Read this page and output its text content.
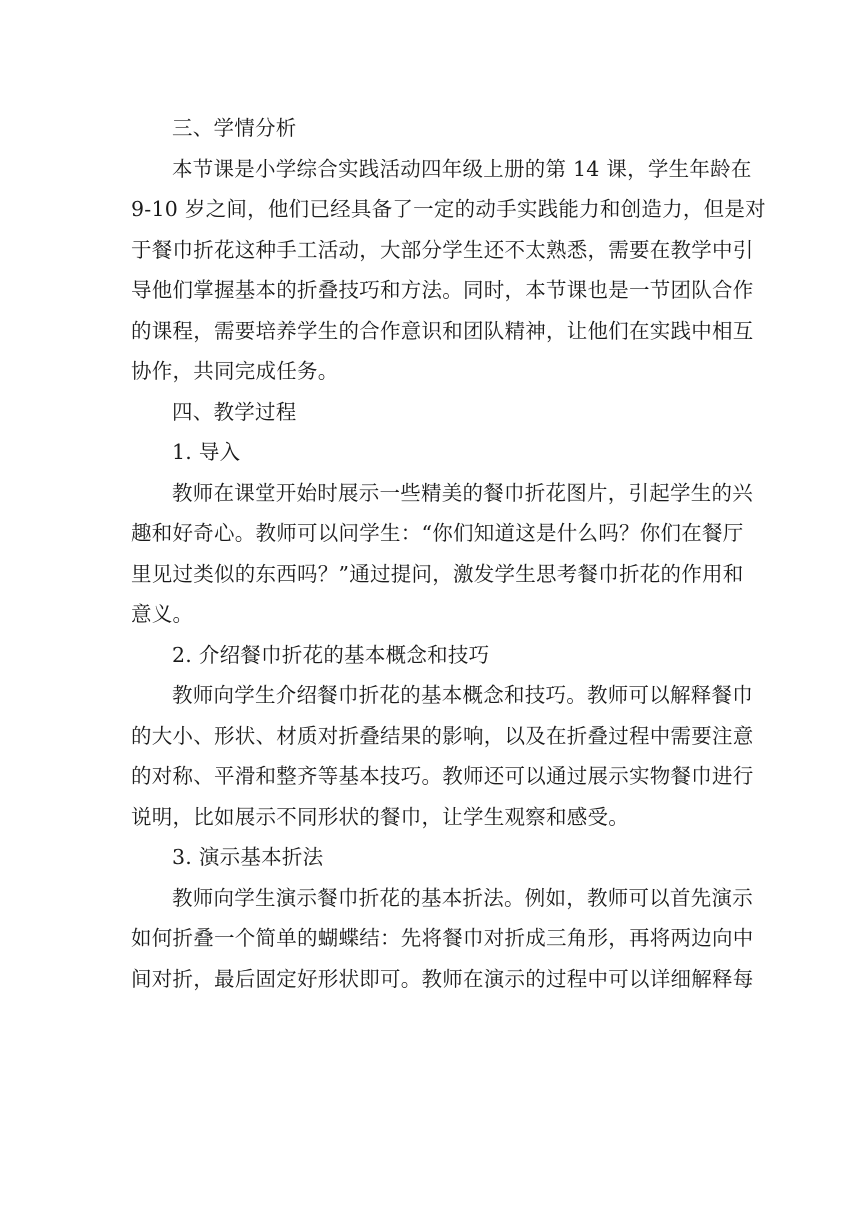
三、学情分析

本节课是小学综合实践活动四年级上册的第 14 课，学生年龄在

9-10 岁之间，他们已经具备了一定的动手实践能力和创造力，但是对

于餐巾折花这种手工活动，大部分学生还不太熟悉，需要在教学中引

导他们掌握基本的折叠技巧和方法。同时，本节课也是一节团队合作

的课程，需要培养学生的合作意识和团队精神，让他们在实践中相互

协作，共同完成任务。

四、教学过程

1. 导入

教师在课堂开始时展示一些精美的餐巾折花图片，引起学生的兴

趣和好奇心。教师可以问学生：“你们知道这是什么吗？你们在餐厅

里见过类似的东西吗？”通过提问，激发学生思考餐巾折花的作用和

意义。

2. 介绍餐巾折花的基本概念和技巧

教师向学生介绍餐巾折花的基本概念和技巧。教师可以解释餐巾

的大小、形状、材质对折叠结果的影响，以及在折叠过程中需要注意

的对称、平滑和整齐等基本技巧。教师还可以通过展示实物餐巾进行

说明，比如展示不同形状的餐巾，让学生观察和感受。

3. 演示基本折法

教师向学生演示餐巾折花的基本折法。例如，教师可以首先演示

如何折叠一个简单的蝴蝶结：先将餐巾对折成三角形，再将两边向中

间对折，最后固定好形状即可。教师在演示的过程中可以详细解释每
